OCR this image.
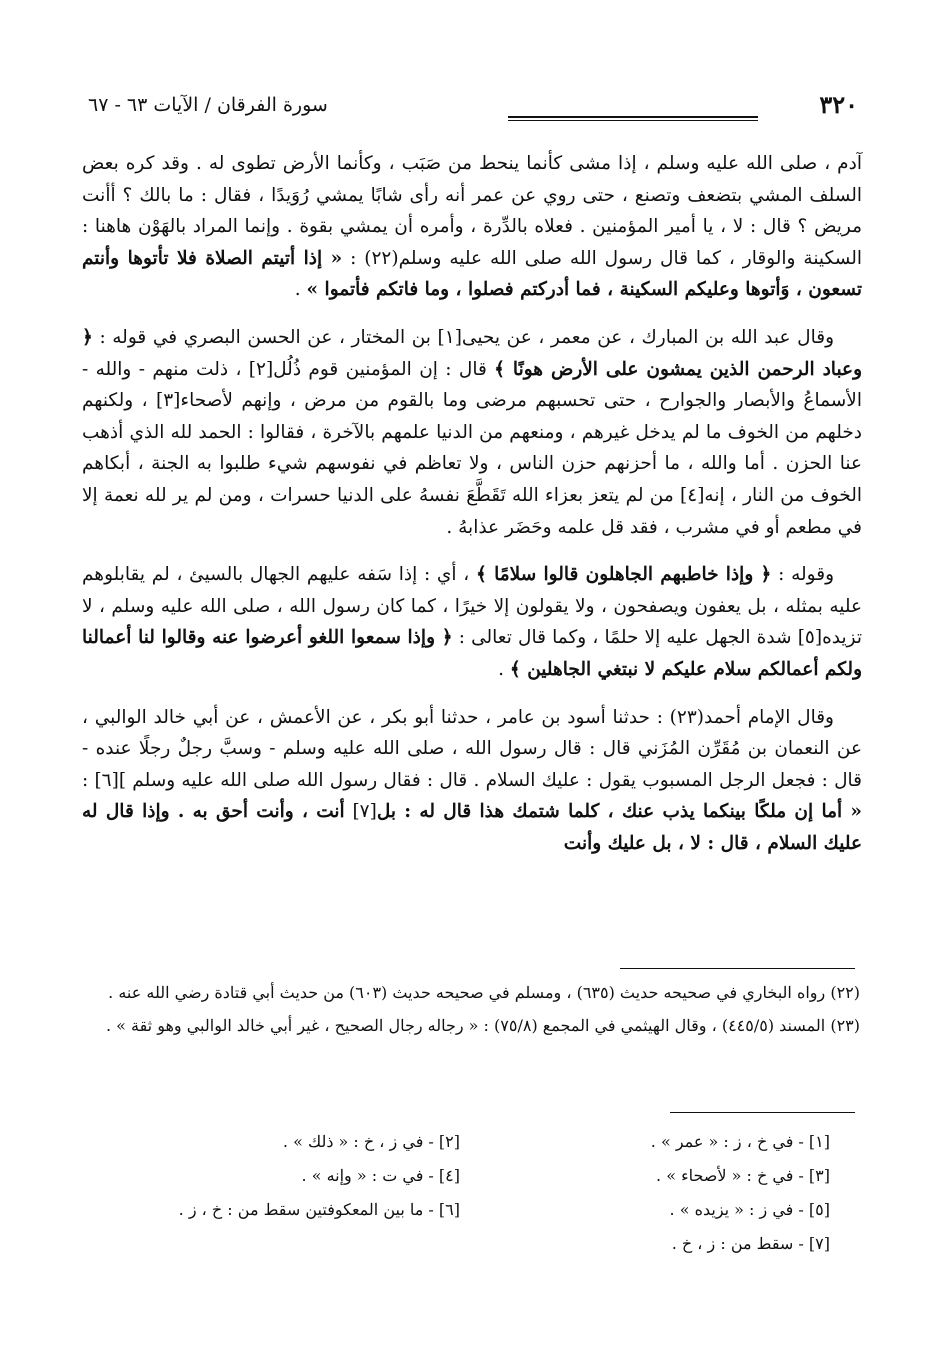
٣٢٠
سورة الفرقان / الآيات ٦٣ - ٦٧

آدم ، صلى الله عليه وسلم ، إذا مشى كأنما ينحط من صَبَب ، وكأنما الأرض تطوى له . وقد كره بعض السلف المشي بتضعف وتصنع ، حتى روي عن عمر أنه رأى شابًا يمشي رُوَيدًا ، فقال : ما بالك ؟ أأنت مريض ؟ قال : لا ، يا أمير المؤمنين . فعلاه بالدِّرة ، وأمره أن يمشي بقوة . وإنما المراد بالهَوْن هاهنا : السكينة والوقار ، كما قال رسول الله صلى الله عليه وسلم(٢٢) : « إذا أتيتم الصلاة فلا تأتوها وأنتم تسعون ، وَأتوها وعليكم السكينة ، فما أدركتم فصلوا ، وما فاتكم فأتموا » .

وقال عبد الله بن المبارك ، عن معمر ، عن يحيى[١] بن المختار ، عن الحسن البصري في قوله : ﴿ وعباد الرحمن الذين يمشون على الأرض هونًا ﴾ قال : إن المؤمنين قوم ذُلُل[٢] ، ذلت منهم - والله - الأسماعُ والأبصار والجوارح ، حتى تحسبهم مرضى وما بالقوم من مرض ، وإنهم لأصحاء[٣] ، ولكنهم دخلهم من الخوف ما لم يدخل غيرهم ، ومنعهم من الدنيا علمهم بالآخرة ، فقالوا : الحمد لله الذي أذهب عنا الحزن . أما والله ، ما أحزنهم حزن الناس ، ولا تعاظم في نفوسهم شيء طلبوا به الجنة ، أبكاهم الخوف من النار ، إنه[٤] من لم يتعز بعزاء الله تَقَطَّعَ نفسهُ على الدنيا حسرات ، ومن لم ير لله نعمة إلا في مطعم أو في مشرب ، فقد قل علمه وحَضَر عذابهُ .

وقوله : ﴿ وإذا خاطبهم الجاهلون قالوا سلامًا ﴾ ، أي : إذا سَفه عليهم الجهال بالسيئ ، لم يقابلوهم عليه بمثله ، بل يعفون ويصفحون ، ولا يقولون إلا خيرًا ، كما كان رسول الله ، صلى الله عليه وسلم ، لا تزيده[٥] شدة الجهل عليه إلا حلمًا ، وكما قال تعالى : ﴿ وإذا سمعوا اللغو أعرضوا عنه وقالوا لنا أعمالنا ولكم أعمالكم سلام عليكم لا نبتغي الجاهلين ﴾ .

وقال الإمام أحمد(٢٣) : حدثنا أسود بن عامر ، حدثنا أبو بكر ، عن الأعمش ، عن أبي خالد الوالبي ، عن النعمان بن مُقَرِّن المُزَني قال : قال رسول الله ، صلى الله عليه وسلم - وسبَّ رجلٌ رجلًا عنده - قال : فجعل الرجل المسبوب يقول : عليك السلام . قال : فقال رسول الله صلى الله عليه وسلم ][٦] : « أما إن ملكًا بينكما يذب عنك ، كلما شتمك هذا قال له : بل[٧] أنت ، وأنت أحق به . وإذا قال له عليك السلام ، قال : لا ، بل عليك وأنت

(٢٢) رواه البخاري في صحيحه حديث (٦٣٥) ، ومسلم في صحيحه حديث (٦٠٣) من حديث أبي قتادة رضي الله عنه .

(٢٣) المسند (٤٤٥/٥) ، وقال الهيثمي في المجمع (٧٥/٨) : « رجاله رجال الصحيح ، غير أبي خالد الوالبي وهو ثقة » .

[١] - في خ ، ز : « عمر » .
[٢] - في ز ، خ : « ذلك » .
[٣] - في خ : « لأصحاء » .
[٤] - في ت : « وإنه » .
[٥] - في ز : « يزيده » .
[٦] - ما بين المعكوفتين سقط من : خ ، ز .
[٧] - سقط من : ز ، خ .
